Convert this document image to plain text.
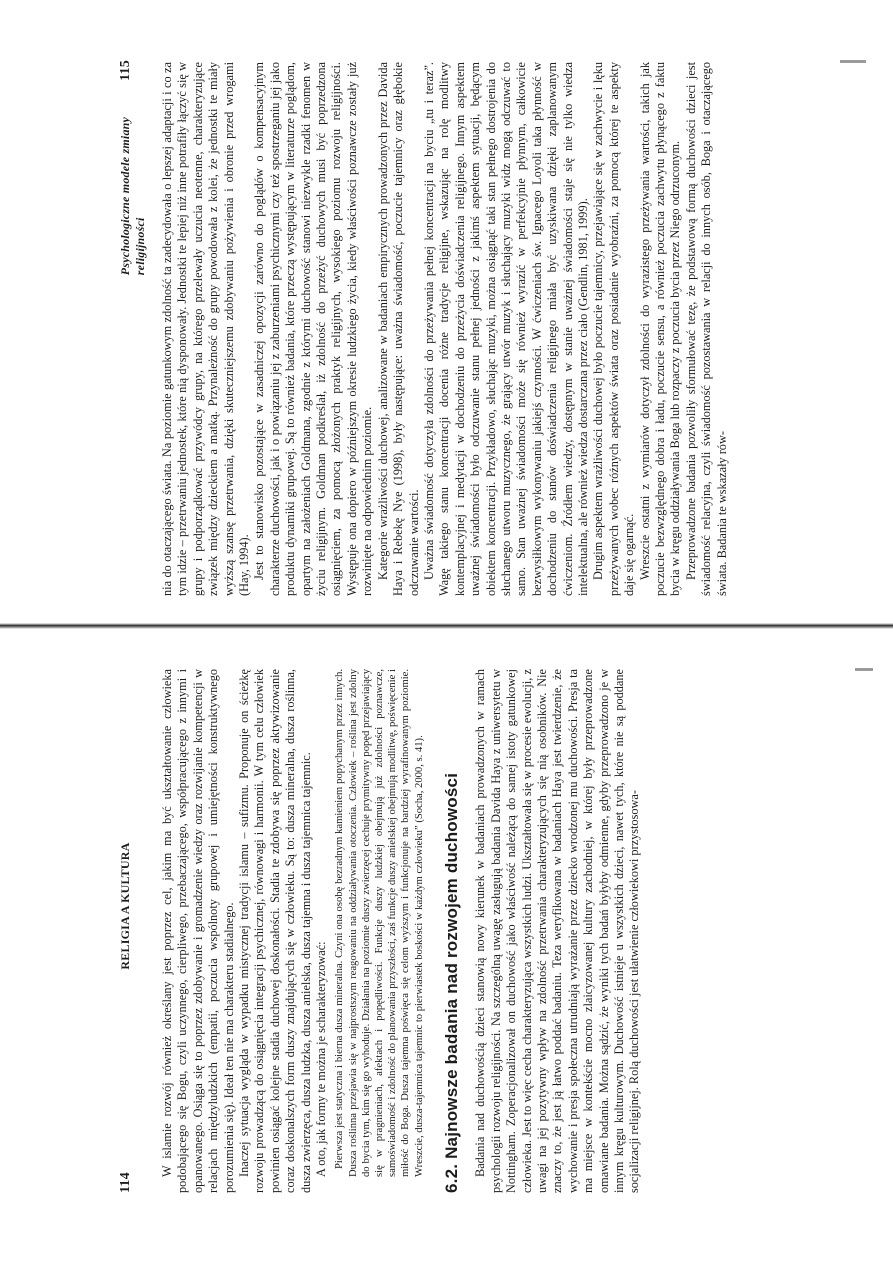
114
RELIGIA A KULTURA W islamie rozwój również określany jest poprzez cel, jakim ma być ukształtowanie człowieka podobającego się Bogu, czyli uczynnego, cierpliwego, przebaczającego, współpracującego z innymi i opanowanego. Osiąga się to poprzez zdobywanie i gromadzenie wiedzy oraz rozwijanie kompetencji w relacjach międzyludzkich (empatii, poczucia wspólnoty grupowej i umiejętności konstruktywnego porozumienia się). Ideał ten nie ma charakteru stadialnego. Inaczej sytuacja wygląda w wypadku mistycznej tradycji islamu – sufizmu. Proponuje on ścieżkę rozwoju prowadzącą do osiągnięcia integracji psychicznej, równowagi i harmonii. W tym celu człowiek powinien osiągać kolejne stadia duchowej doskonałości. Stadia te zdobywa się poprzez aktywizowanie coraz doskonalszych form duszy znajdujących się w człowieku. Są to: dusza mineralna, dusza roślinna, dusza zwierzęca, dusza ludzka, dusza anielska, dusza tajemna i dusza tajemnica tajemnic. A oto, jak formy te można je scharakteryzować: Pierwsza jest statyczna i bierna dusza mineralna. Czyni ona osobę bezradnym kamieniem popychanym przez innych. Dusza roślinna przejawia się w najprostszym reagowaniu na oddziaływania otoczenia. Człowiek – roślina jest zdolny do bycia tym, kim się go wyhoduje. Działania na poziomie duszy zwierzęcej cechuje prymitywny popęd przejawiający się w pragnieniach, afektach i popędliwości. Funkcje duszy ludzkiej obejmują już zdolności poznawcze, samoświadomość i zdolność do planowania przyszłości, zaś funkcje duszy anielskiej obejmują modlitwę, poświęcenie i miłość do Boga. Dusza tajemna poświęca się celom wyższym i funkcjonuje na bardziej wyrafinowanym poziomie. Wreszcie, dusza-tajemnica tajemnic to pierwiastek boskości w każdym człowieku” (Socha, 2000, s. 41). 6.2. Najnowsze badania nad rozwojem duchowości Badania nad duchowością dzieci stanowią nowy kierunek w badaniach prowadzonych w ramach psychologii rozwoju religijności. Na szczególną uwagę zasługują badania Davida Haya z uniwersytetu w Nottingham. Zoperacjonalizował on duchowość jako właściwość należącą do samej istoty gatunkowej człowieka. Jest to więc cecha charakteryzująca wszystkich ludzi. Ukształtowała się w procesie ewolucji, z uwagi na jej pozytywny wpływ na zdolność przetrwania charakteryzujących się nią osobników. Nie znaczy to, że jest ją łatwo poddać badaniu. Teza weryfikowana w badaniach Haya jest twierdzenie, że wychowanie i presja społeczna utrudniają wyrażanie przez dziecko wrodzonej mu duchowości. Presja ta ma miejsce w kontekście mocno zlaicyzowanej kultury zachodniej, w której były przeprowadzone omawiane badania. Można sądzić, że wyniki tych badań byłyby odmienne, gdyby przeprowadzono je w innym kręgu kulturowym. Duchowość istnieje u wszystkich dzieci, nawet tych, które nie są poddane socjalizacji religijnej. Rolą duchowości jest ułatwienie człowiekowi przystosowa-

Psychologiczne modele zmiany religijności
115 nia do otaczającego świata. Na poziomie gatunkowym zdolność ta zadecydowała o lepszej adaptacji i co za tym idzie – przetrwaniu jednostek, które nią dysponowały. Jednostki te lepiej niż inne potrafiły łączyć się w grupy i podporządkować przywódcy grupy, na którego przelewały uczucia neotenne, charakteryzujące związek między dzieckiem a matką. Przynależność do grupy powodowała z kolei, że jednostki te miały wyższą szansę przetrwania, dzięki skuteczniejszemu zdobywaniu pożywienia i obronie przed wrogami (Hay, 1994). Jest to stanowisko pozostające w zasadniczej opozycji zarówno do poglądów o kompensacyjnym charakterze duchowości, jak i o powiązaniu jej z zaburzeniami psychicznymi czy też spostrzeganiu jej jako produktu dynamiki grupowej. Są to również badania, które przeczą występującym w literaturze poglądom, opartym na założeniach Goldmana, zgodnie z którymi duchowość stanowi niezwykle rzadki fenomen w życiu religijnym. Goldman podkreślał, iż zdolność do przeżyć duchowych musi być poprzedzona osiągnięciem, za pomocą złożonych praktyk religijnych, wysokiego poziomu rozwoju religijności. Występuje ona dopiero w późniejszym okresie ludzkiego życia, kiedy właściwości poznawcze zostały już rozwinięte na odpowiednim poziomie. Kategorie wrażliwości duchowej, analizowane w badaniach empirycznych prowadzonych przez Davida Haya i Rebekę Nye (1998), były następujące: uważna świadomość, poczucie tajemnicy oraz głębokie odczuwanie wartości. Uważna świadomość dotyczyła zdolności do przeżywania pełnej koncentracji na byciu „tu i teraz”. Wagę takiego stanu koncentracji docenia różne tradycje religijne, wskazując na rolę modlitwy kontemplacyjnej i medytacji w dochodzeniu do przeżycia doświadczenia religijnego. Innym aspektem uważnej świadomości było odczuwanie stanu pełnej jedności z jakimś aspektem sytuacji, będącym obiektem koncentracji. Przykładowo, słuchając muzyki, można osiągnąć taki stan pełnego dostrojenia do słuchanego utworu muzycznego, że grający utwór muzyk i słuchający muzyki widz mogą odczuwać to samo. Stan uważnej świadomości może się również wyrazić w perfekcyjnie płynnym, całkowicie bezwysiłkowym wykonywaniu jakiejś czynności. W ćwiczeniach św. Ignacego Loyoli taka płynność w dochodzeniu do stanów doświadczenia religijnego miała być uzyskiwana dzięki zaplanowanym ćwiczeniom. Źródłem wiedzy, dostępnym w stanie uważnej świadomości staje się nie tylko wiedza intelektualna, ale również wiedza dostarczana przez ciało (Gendlin, 1981, 1999). Drugim aspektem wrażliwości duchowej było poczucie tajemnicy, przejawiające się w zachwycie i lęku przeżywanych wobec różnych aspektów świata oraz posiadanie wyobraźni, za pomocą której te aspekty daje się ogarnąć. Wreszcie ostatni z wymiarów dotyczył zdolności do wyrazistego przeżywania wartości, takich jak poczucie bezwzględnego dobra i ładu, poczucie sensu, a również poczucia zachwytu płynącego z faktu bycia w kręgu oddziaływania Boga lub rozpaczy z poczucia bycia przez Niego odrzuconym. Przeprowadzone badania pozwoliły sformułować tezę, że podstawową formą duchowości dzieci jest świadomość relacyjna, czyli świadomość pozostawania w relacji do innych osób, Boga i otaczającego świata. Badania te wskazały rów-
